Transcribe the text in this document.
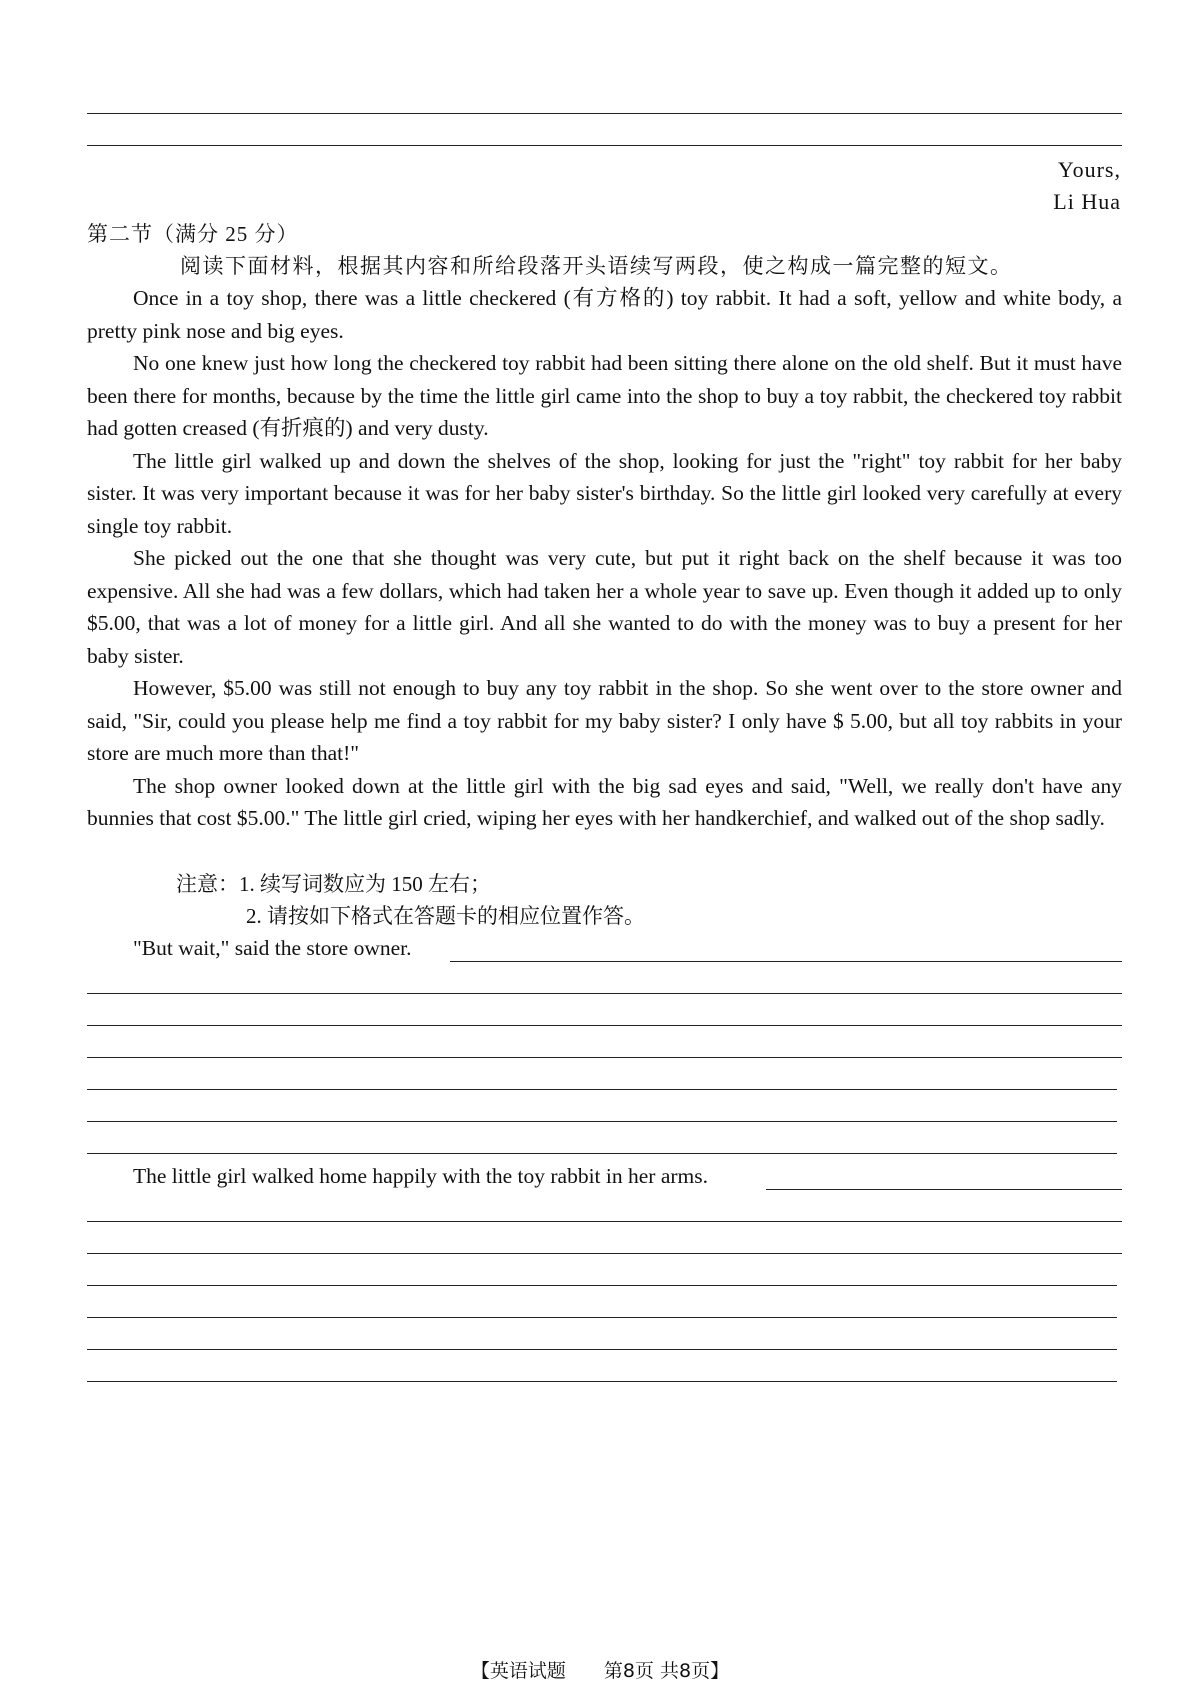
Yours,
Li Hua
第二节（满分 25 分）
阅读下面材料，根据其内容和所给段落开头语续写两段，使之构成一篇完整的短文。

Once in a toy shop, there was a little checkered (有方格的) toy rabbit. It had a soft, yellow and white body, a pretty pink nose and big eyes.

No one knew just how long the checkered toy rabbit had been sitting there alone on the old shelf. But it must have been there for months, because by the time the little girl came into the shop to buy a toy rabbit, the checkered toy rabbit had gotten creased (有折痕的) and very dusty.

The little girl walked up and down the shelves of the shop, looking for just the "right" toy rabbit for her baby sister. It was very important because it was for her baby sister's birthday. So the little girl looked very carefully at every single toy rabbit.

She picked out the one that she thought was very cute, but put it right back on the shelf because it was too expensive. All she had was a few dollars, which had taken her a whole year to save up. Even though it added up to only $5.00, that was a lot of money for a little girl. And all she wanted to do with the money was to buy a present for her baby sister.

However, $5.00 was still not enough to buy any toy rabbit in the shop. So she went over to the store owner and said, "Sir, could you please help me find a toy rabbit for my baby sister? I only have $ 5.00, but all toy rabbits in your store are much more than that!"

The shop owner looked down at the little girl with the big sad eyes and said, "Well, we really don't have any bunnies that cost $5.00." The little girl cried, wiping her eyes with her handkerchief, and walked out of the shop sadly.

注意：1. 续写词数应为 150 左右；
2. 请按如下格式在答题卡的相应位置作答。
"But wait," said the store owner.
The little girl walked home happily with the toy rabbit in her arms.
【英语试题 第8页 共8页】
